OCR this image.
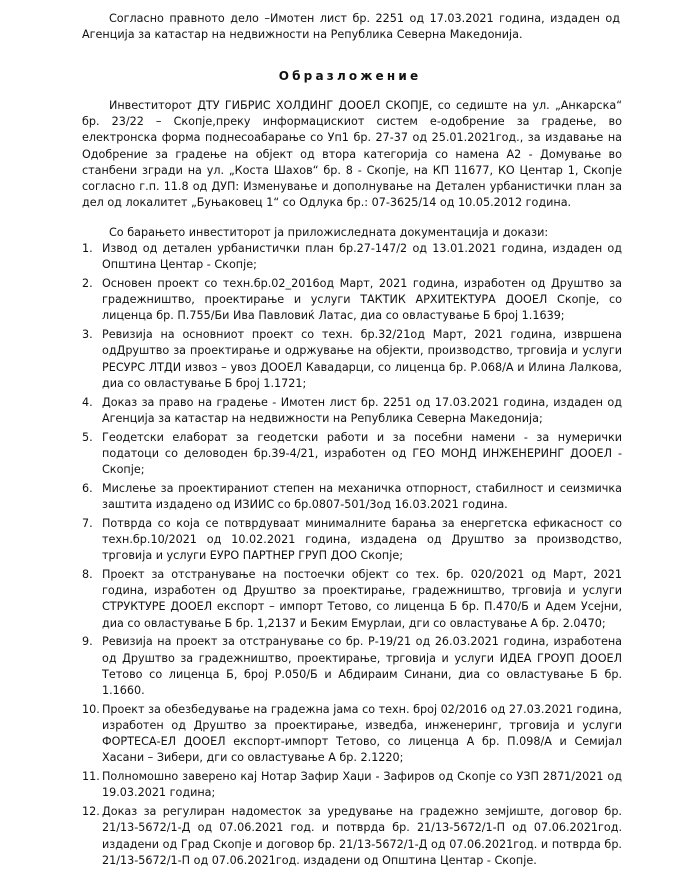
Согласно правното дело –Имотен лист бр. 2251 од 17.03.2021 година, издаден од Агенција за катастар на недвижности на Република Северна Македонија.
Образложение
Инвеститорот ДТУ ГИБРИС ХОЛДИНГ ДООЕЛ СКОПЈЕ, со седиште на ул. „Анкарска“ бр. 23/22 – Скопје,преку информацискиот систем е-одобрение за градење, во електронска форма поднесоабарање со Уп1 бр. 27-37 од 25.01.2021год., за издавање на Одобрение за градење на објект од втора категорија со намена А2 - Домување во станбени згради на ул. „Коста Шахов“ бр. 8 - Скопје, на КП 11677, КО Центар 1, Скопје согласно г.п. 11.8 од ДУП: Изменување и дополнување на Детален урбанистички план за дел од локалитет „Буњаковец 1“ со Одлука бр.: 07-3625/14 од 10.05.2012 година.
Со барањето инвеститорот ја приложиследната документација и докази:
1. Извод од детален урбанистички план бр.27-147/2 од 13.01.2021 година, издаден од Општина Центар - Скопје;
2. Основен проект со техн.бр.02_2016од Март, 2021 година, изработен од Друштво за градежништво, проектирање и услуги ТАКТИК АРХИТЕКТУРА ДООЕЛ Скопје, со лиценца бр. П.755/Би Ива Павловиќ Латас, диа со овластување Б број 1.1639;
3. Ревизија на основниот проект со техн. бр.32/21од Март, 2021 година, извршена одДруштво за проектирање и одржување на објекти, производство, трговија и услуги РЕСУРС ЛТДИ извоз – увоз ДООЕЛ Кавадарци, со лиценца бр. Р.068/А и Илина Лалкова, диа со овластување Б број 1.1721;
4. Доказ за право на градење - Имотен лист бр. 2251 од 17.03.2021 година, издаден од Агенција за катастар на недвижности на Република Северна Македонија;
5. Геодетски елаборат за геодетски работи и за посебни намени - за нумерички податоци со деловоден бр.39-4/21, изработен од ГЕО МОНД ИНЖЕНЕРИНГ ДООЕЛ - Скопје;
6. Мислење за проектираниот степен на механичка отпорност, стабилност и сеизмичка заштита издадено од ИЗИИС со бр.0807-501/3од 16.03.2021 година.
7. Потврда со која се потврдуваат минималните барања за енергетска ефикасност со техн.бр.10/2021 од 10.02.2021 година, издадена од Друштво за производство, трговија и услуги ЕУРО ПАРТНЕР ГРУП ДОО Скопје;
8. Проект за отстранување на постоечки објект со тех. бр. 020/2021 од Март, 2021 година, изработен од Друштво за проектирање, градежништво, трговија и услуги СТРУКТУРЕ ДООЕЛ експорт – импорт Тетово, со лиценца Б бр. П.470/Б и Адем Усејни, диа со овластување Б бр. 1,2137 и Беким Емурлаи, дги со овластување А бр. 2.0470;
9. Ревизија на проект за отстранување со бр. Р-19/21 од 26.03.2021 година, изработена од Друштво за градежништво, проектирање, трговија и услуги ИДЕА ГРОУП ДООЕЛ Тетово со лиценца Б, број Р.050/Б и Абдираим Синани, диа со овластување Б бр. 1.1660.
10. Проект за обезбедување на градежна јама со техн. број 02/2016 од 27.03.2021 година, изработен од Друштво за проектирање, изведба, инженеринг, трговија и услуги ФОРТЕСА-ЕЛ ДООЕЛ експорт-импорт Тетово, со лиценца А бр. П.098/А и Семијал Хасани – Зибери, дги со овластување А бр. 2.1220;
11. Полномошно заверено кај Нотар Зафир Хаџи - Зафиров од Скопје со УЗП 2871/2021 од 19.03.2021 година;
12. Доказ за регулиран надоместок за уредување на градежно земјиште, договор бр. 21/13-5672/1-Д од 07.06.2021 год. и потврда бр. 21/13-5672/1-П од 07.06.2021год. издадени од Град Скопје и договор бр. 21/13-5672/1-Д од 07.06.2021год. и потврда бр. 21/13-5672/1-П од 07.06.2021год. издадени од Општина Центар - Скопје.
